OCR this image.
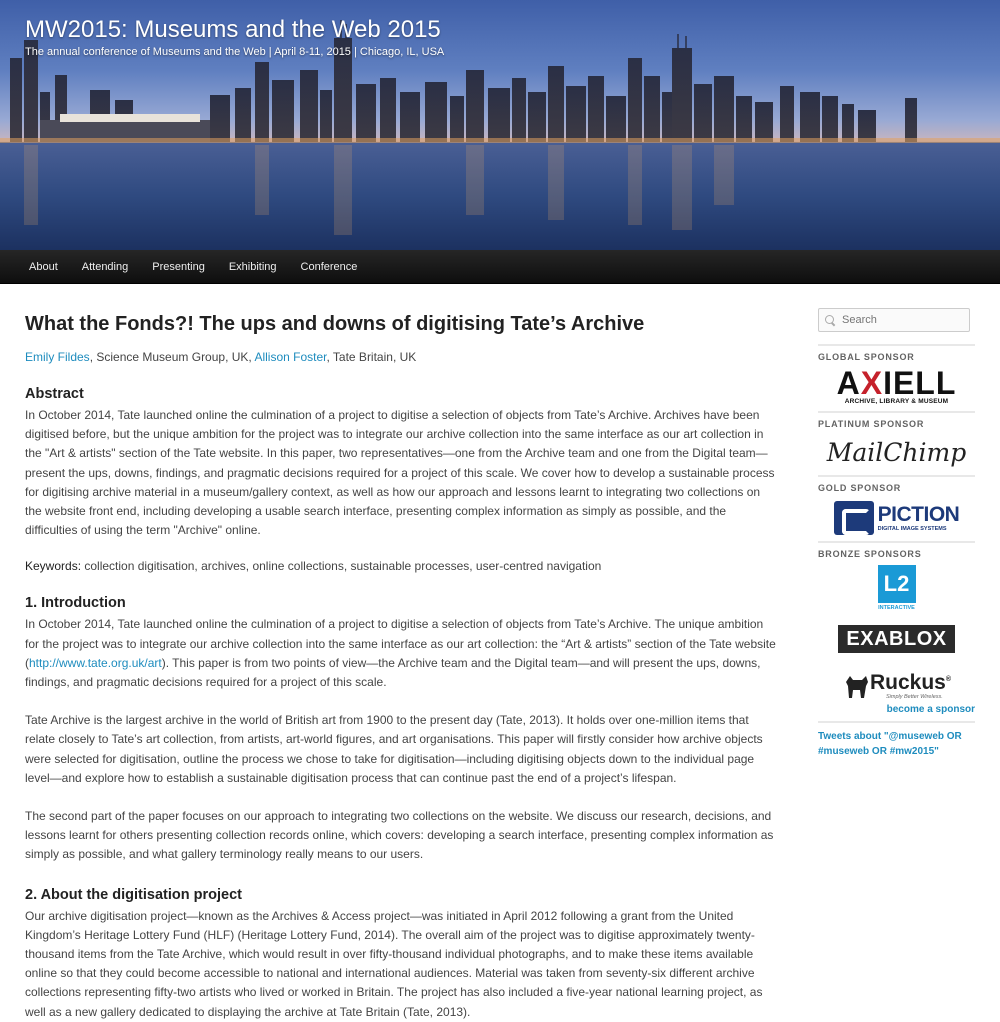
MW2015: Museums and the Web 2015
The annual conference of Museums and the Web | April 8-11, 2015 | Chicago, IL, USA
About	Attending	Presenting	Exhibiting	Conference
What the Fonds?! The ups and downs of digitising Tate’s Archive
Emily Fildes, Science Museum Group, UK, Allison Foster, Tate Britain, UK
Abstract

In October 2014, Tate launched online the culmination of a project to digitise a selection of objects from Tate’s Archive. Archives have been digitised before, but the unique ambition for the project was to integrate our archive collection into the same interface as our art collection in the "Art & artists" section of the Tate website. In this paper, two representatives—one from the Archive team and one from the Digital team—present the ups, downs, findings, and pragmatic decisions required for a project of this scale. We cover how to develop a sustainable process for digitising archive material in a museum/gallery context, as well as how our approach and lessons learnt to integrating two collections on the website front end, including developing a usable search interface, presenting complex information as simply as possible, and the difficulties of using the term "Archive" online.

Keywords: collection digitisation, archives, online collections, sustainable processes, user-centred navigation

1. Introduction

In October 2014, Tate launched online the culmination of a project to digitise a selection of objects from Tate’s Archive. The unique ambition for the project was to integrate our archive collection into the same interface as our art collection: the “Art & artists” section of the Tate website (http://www.tate.org.uk/art). This paper is from two points of view—the Archive team and the Digital team—and will present the ups, downs, findings, and pragmatic decisions required for a project of this scale.

Tate Archive is the largest archive in the world of British art from 1900 to the present day (Tate, 2013). It holds over one-million items that relate closely to Tate’s art collection, from artists, art-world figures, and art organisations. This paper will firstly consider how archive objects were selected for digitisation, outline the process we chose to take for digitisation—including digitising objects down to the individual page level—and explore how to establish a sustainable digitisation process that can continue past the end of a project’s lifespan.

The second part of the paper focuses on our approach to integrating two collections on the website. We discuss our research, decisions, and lessons learnt for others presenting collection records online, which covers: developing a search interface, presenting complex information as simply as possible, and what gallery terminology really means to our users.

2. About the digitisation project

Our archive digitisation project—known as the Archives & Access project—was initiated in April 2012 following a grant from the United Kingdom’s Heritage Lottery Fund (HLF) (Heritage Lottery Fund, 2014). The overall aim of the project was to digitise approximately twenty-thousand items from the Tate Archive, which would result in over fifty-thousand individual photographs, and to make these items available online so that they could become accessible to national and international audiences. Material was taken from seventy-six different archive collections representing fifty-two artists who lived or worked in Britain. The project has also included a five-year national learning project, as well as a new gallery dedicated to displaying the archive at Tate Britain (Tate, 2013).

Search
GLOBAL SPONSOR
AXIELL
ARCHIVE, LIBRARY & MUSEUM
PLATINUM SPONSOR
MailChimp
GOLD SPONSOR
PICTION
DIGITAL IMAGE SYSTEMS
BRONZE SPONSORS
L2
INTERACTIVE
EXABLOX
Ruckus®
Simply Better Wireless.
become a sponsor
Tweets about "@museweb OR #museweb OR #mw2015"
